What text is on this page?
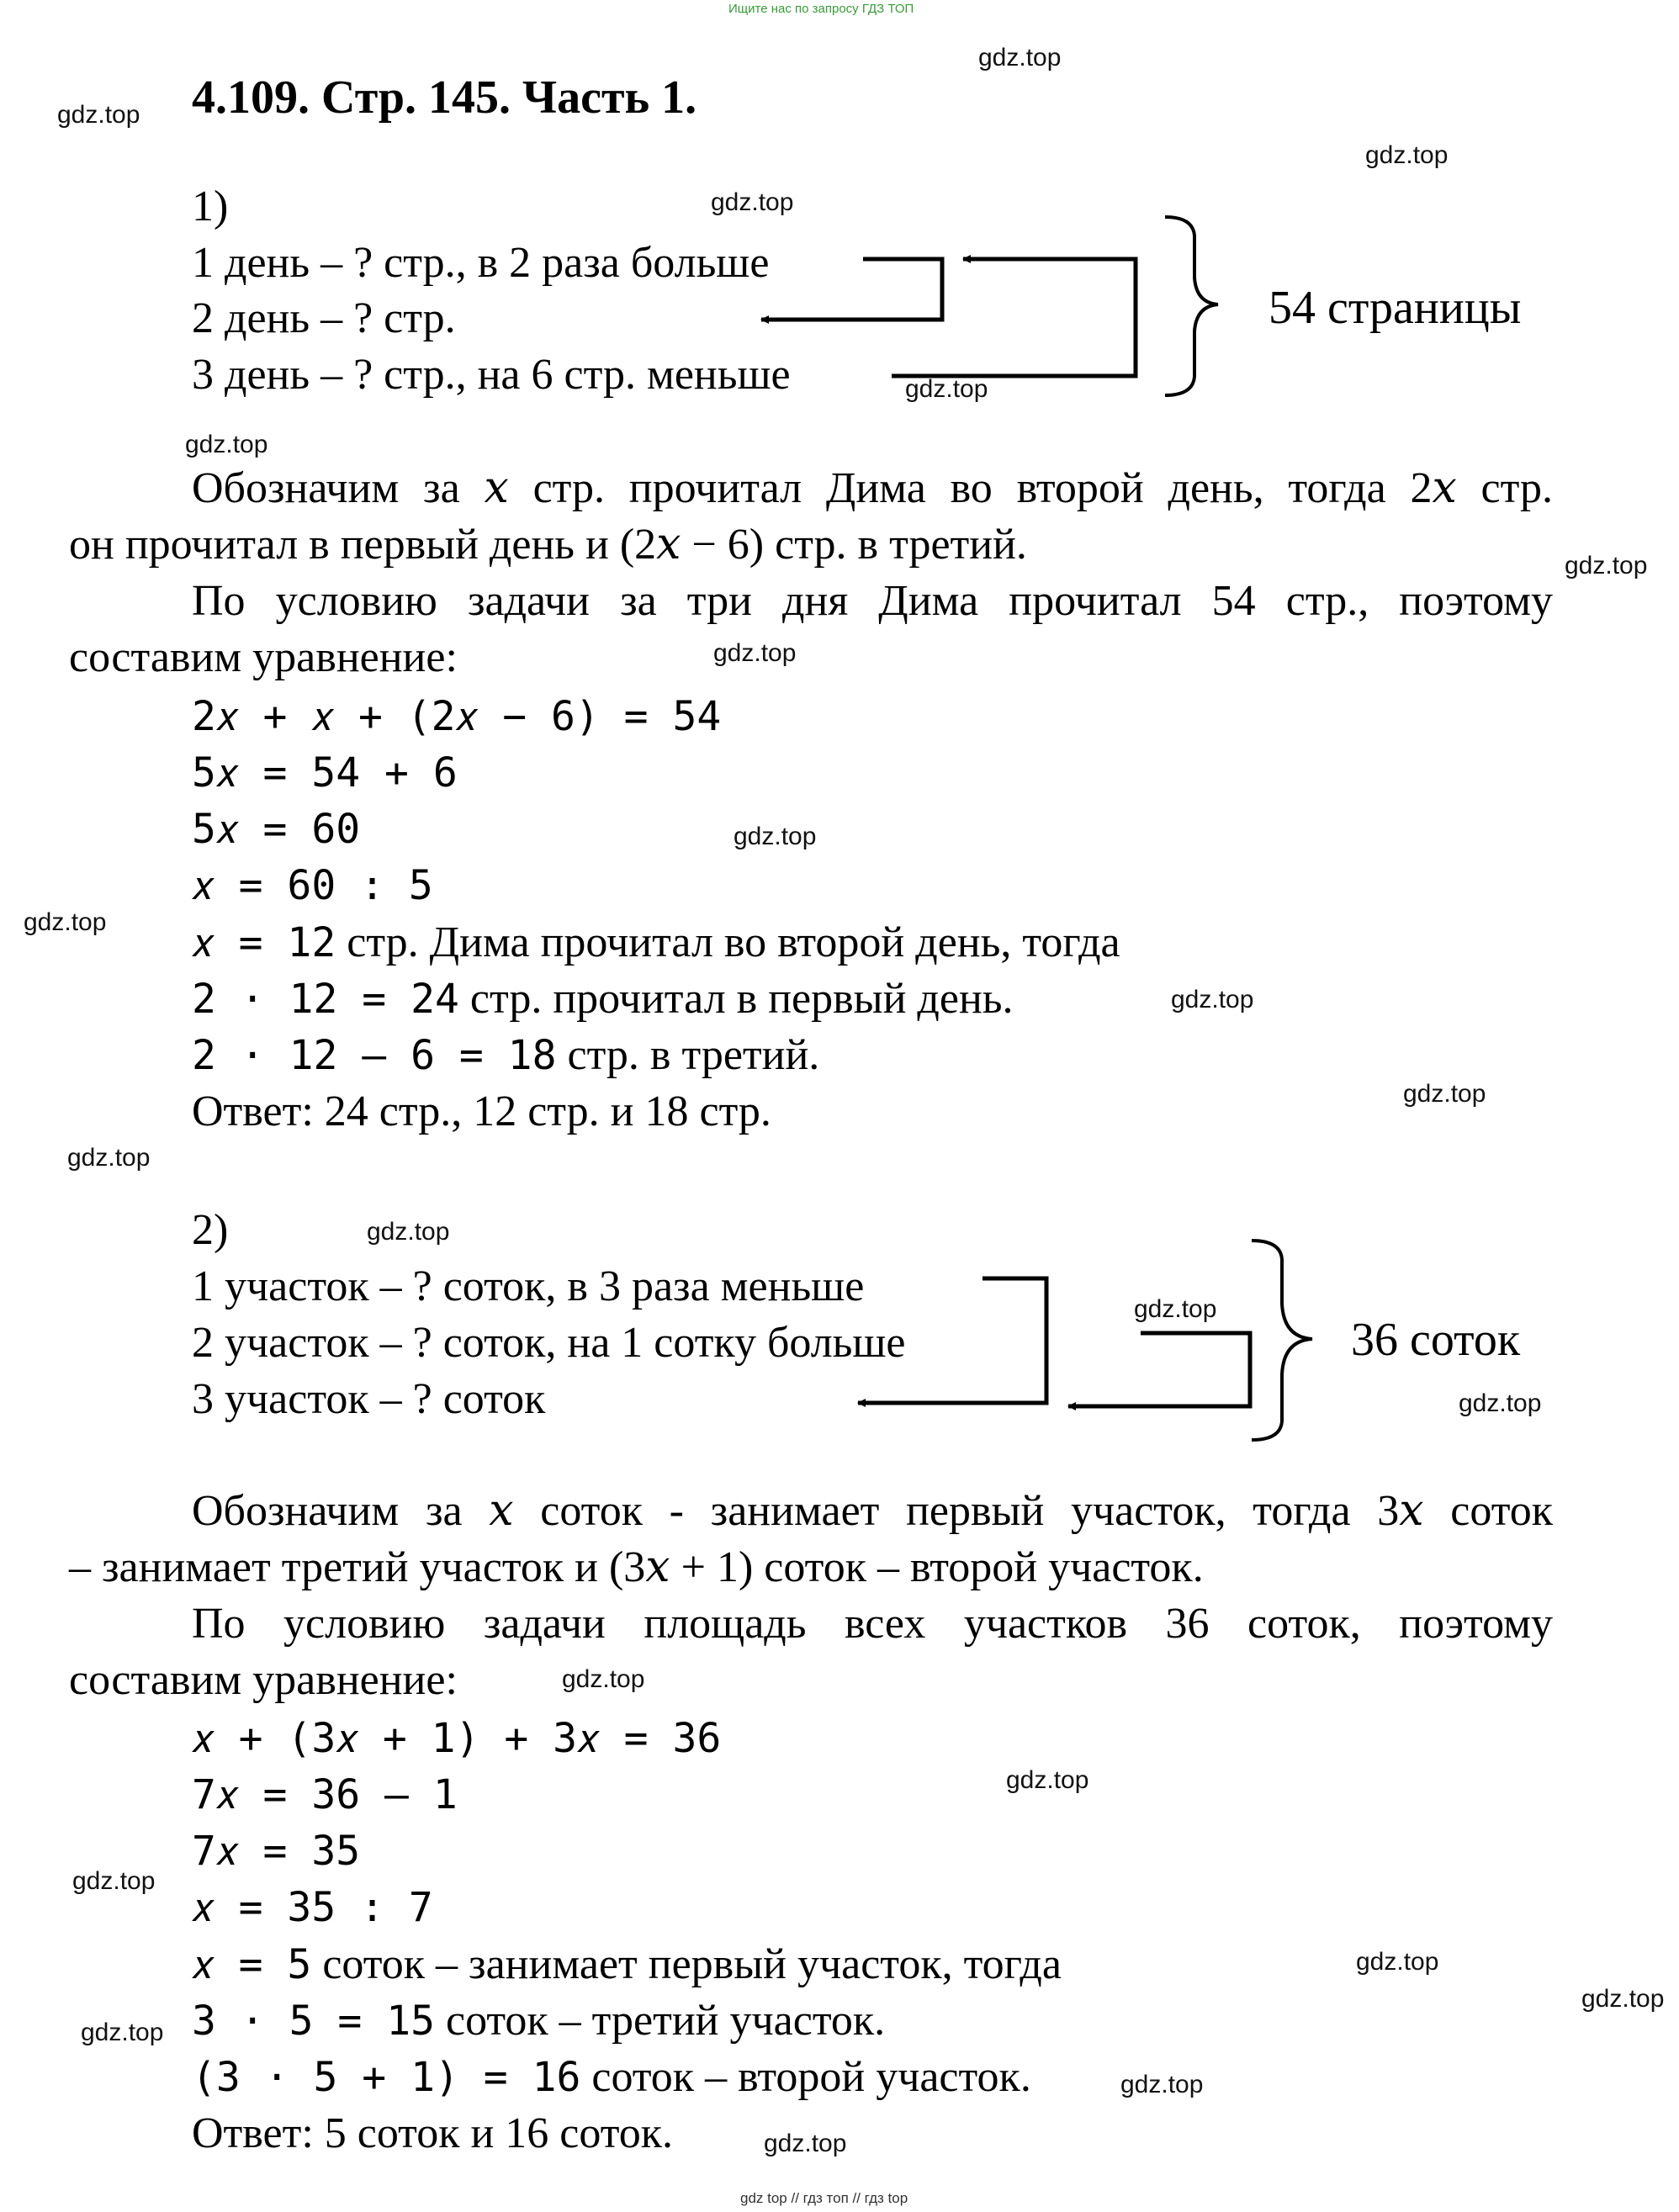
Ищите нас по запросу ГДЗ ТОП
4.109. Стр. 145. Часть 1.
gdz.top
gdz.top
gdz.top
gdz.top
gdz.top
gdz.top
gdz.top
gdz.top
gdz.top
gdz.top
gdz.top
gdz.top
gdz.top
gdz.top
gdz.top
gdz.top
gdz.top
gdz.top
gdz.top
gdz.top
gdz.top
gdz.top
gdz.top
gdz.top
1)
1 день – ? стр., в 2 раза больше
2 день – ? стр.
3 день – ? стр., на 6 стр. меньше
54 страницы
Обозначим за 𝑥 стр. прочитал Дима во второй день, тогда 2𝑥 стр.
он прочитал в первый день и (2𝑥 − 6) стр. в третий.
По условию задачи за три дня Дима прочитал 54 стр., поэтому
составим уравнение:
2𝑥 + 𝑥 + (2𝑥 − 6) = 54
5𝑥 = 54 + 6
5𝑥 = 60
𝑥 = 60 : 5
𝑥 = 12 стр. Дима прочитал во второй день, тогда
2 · 12 = 24 стр. прочитал в первый день.
2 · 12 – 6 = 18 стр. в третий.
Ответ: 24 стр., 12 стр. и 18 стр.
2)
1 участок – ? соток, в 3 раза меньше
2 участок – ? соток, на 1 сотку больше
3 участок – ? соток
36 соток
Обозначим за 𝑥 соток - занимает первый участок, тогда 3𝑥 соток
– занимает третий участок и (3𝑥 + 1) соток – второй участок.
По условию задачи площадь всех участков 36 соток, поэтому
составим уравнение:
𝑥 + (3𝑥 + 1) + 3𝑥 = 36
7𝑥 = 36 – 1
7𝑥 = 35
𝑥 = 35 : 7
𝑥 = 5 соток – занимает первый участок, тогда
3 · 5 = 15 соток – третий участок.
(3 · 5 + 1) = 16 соток – второй участок.
Ответ: 5 соток и 16 соток.
gdz top // гдз топ // гдз top
